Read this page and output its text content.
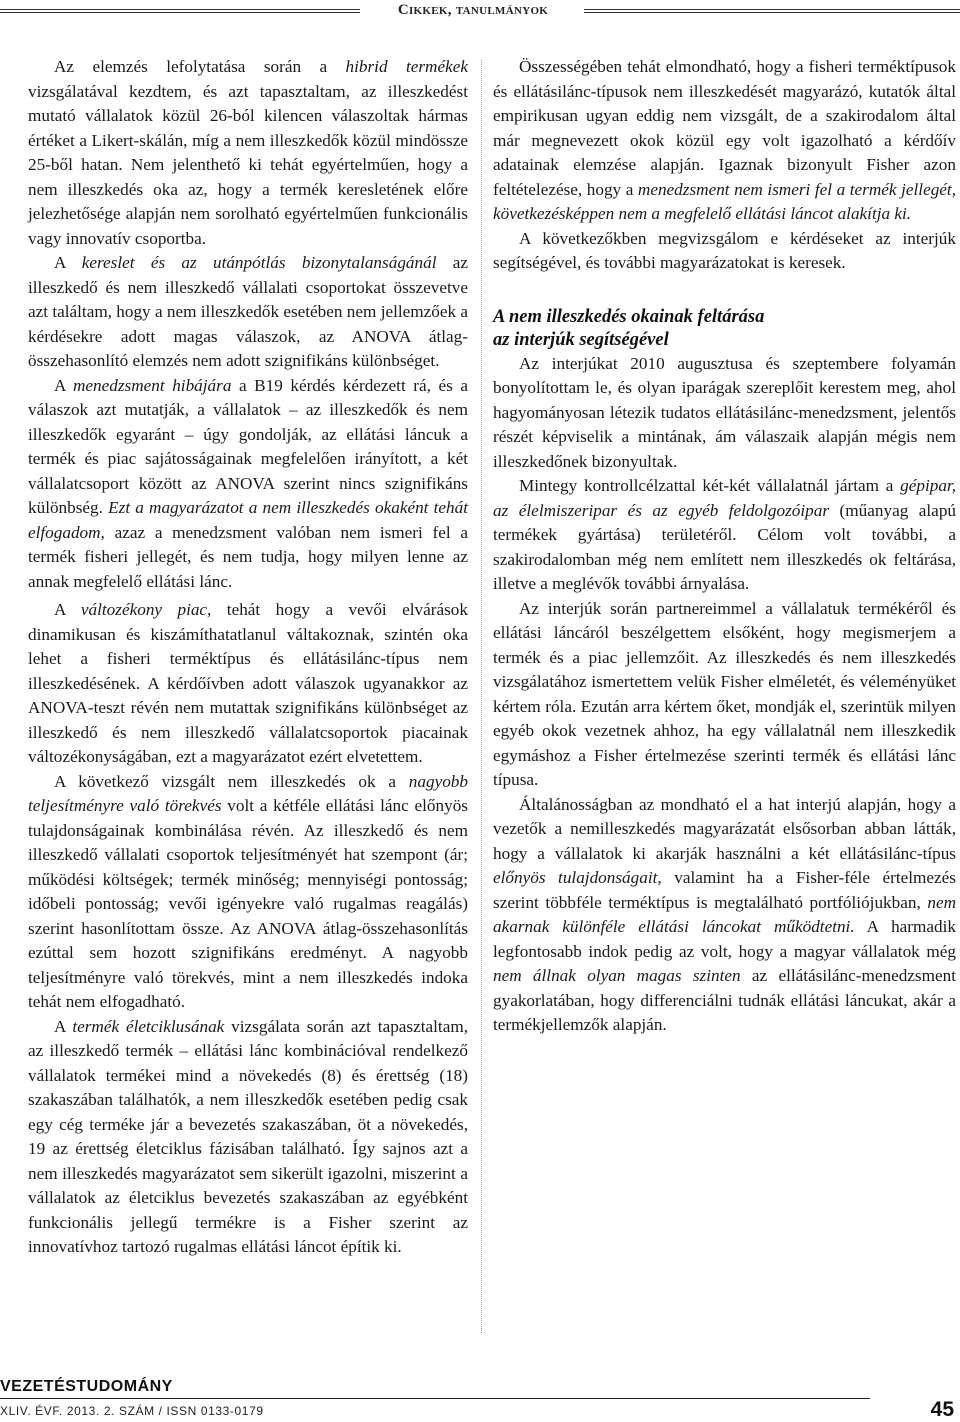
Cikkek, tanulmányok

Az elemzés lefolytatása során a hibrid termékek vizsgálatával kezdtem, és azt tapasztaltam, az illeszkedést mutató vállalatok közül 26-ból kilencen válaszoltak hármas értéket a Likert-skálán, míg a nem illeszkedők közül mindössze 25-ből hatan. Nem jelenthető ki tehát egyértelműen, hogy a nem illeszkedés oka az, hogy a termék keresletének előre jelezhetősége alapján nem sorolható egyértelműen funkcionális vagy innovatív csoportba.

A kereslet és az utánpótlás bizonytalanságánál az illeszkedő és nem illeszkedő vállalati csoportokat összevetve azt találtam, hogy a nem illeszkedők esetében nem jellemzőek a kérdésekre adott magas válaszok, az ANOVA átlag-összehasonlító elemzés nem adott szignifikáns különbséget.

A menedzsment hibájára a B19 kérdés kérdezett rá, és a válaszok azt mutatják, a vállalatok – az illeszkedők és nem illeszkedők egyaránt – úgy gondolják, az ellátási láncuk a termék és piac sajátosságainak megfelelően irányított, a két vállalatcsoport között az ANOVA szerint nincs szignifikáns különbség. Ezt a magyarázatot a nem illeszkedés okaként tehát elfogadom, azaz a menedzsment valóban nem ismeri fel a termék fisheri jellegét, és nem tudja, hogy milyen lenne az annak megfelelő ellátási lánc.

A változékony piac, tehát hogy a vevői elvárások dinamikusan és kiszámíthatatlanul váltakoznak, szintén oka lehet a fisheri terméktípus és ellátásilánc-típus nem illeszkedésének. A kérdőívben adott válaszok ugyanakkor az ANOVA-teszt révén nem mutattak szignifikáns különbséget az illeszkedő és nem illeszkedő vállalatcsoportok piacainak változékonyságában, ezt a magyarázatot ezért elvetettem.

A következő vizsgált nem illeszkedés ok a nagyobb teljesítményre való törekvés volt a kétféle ellátási lánc előnyös tulajdonságainak kombinálása révén. Az illeszkedő és nem illeszkedő vállalati csoportok teljesítményét hat szempont (ár; működési költségek; termék minőség; mennyiségi pontosság; időbeli pontosság; vevői igényekre való rugalmas reagálás) szerint hasonlítottam össze. Az ANOVA átlag-összehasonlítás ezúttal sem hozott szignifikáns eredményt. A nagyobb teljesítményre való törekvés, mint a nem illeszkedés indoka tehát nem elfogadható.

A termék életciklusának vizsgálata során azt tapasztaltam, az illeszkedő termék – ellátási lánc kombinációval rendelkező vállalatok termékei mind a növekedés (8) és érettség (18) szakaszában találhatók, a nem illeszkedők esetében pedig csak egy cég terméke jár a bevezetés szakaszában, öt a növekedés, 19 az érettség életciklus fázisában található. Így sajnos azt a nem illeszkedés magyarázatot sem sikerült igazolni, miszerint a vállalatok az életciklus bevezetés szakaszában az egyébként funkcionális jellegű termékre is a Fisher szerint az innovatívhoz tartozó rugalmas ellátási láncot építik ki.

Összességében tehát elmondható, hogy a fisheri terméktípusok és ellátásilánc-típusok nem illeszkedését magyarázó, kutatók által empirikusan ugyan eddig nem vizsgált, de a szakirodalom által már megnevezett okok közül egy volt igazolható a kérdőív adatainak elemzése alapján. Igaznak bizonyult Fisher azon feltételezése, hogy a menedzsment nem ismeri fel a termék jellegét, következésképpen nem a megfelelő ellátási láncot alakítja ki.

A következőkben megvizsgálom e kérdéseket az interjúk segítségével, és további magyarázatokat is keresek.

A nem illeszkedés okainak feltárása
az interjúk segítségével

Az interjúkat 2010 augusztusa és szeptembere folyamán bonyolítottam le, és olyan iparágak szereplőit kerestem meg, ahol hagyományosan létezik tudatos ellátásilánc-menedzsment, jelentős részét képviselik a mintának, ám válaszaik alapján mégis nem illeszkedőnek bizonyultak.

Mintegy kontrollcélzattal két-két vállalatnál jártam a gépipar, az élelmiszeripar és az egyéb feldolgozóipar (műanyag alapú termékek gyártása) területéről. Célom volt további, a szakirodalomban még nem említett nem illeszkedés ok feltárása, illetve a meglévők további árnyalása.

Az interjúk során partnereimmel a vállalatuk termékéről és ellátási láncáról beszélgettem elsőként, hogy megismerjem a termék és a piac jellemzőit. Az illeszkedés és nem illeszkedés vizsgálatához ismertettem velük Fisher elméletét, és véleményüket kértem róla. Ezután arra kértem őket, mondják el, szerintük milyen egyéb okok vezetnek ahhoz, ha egy vállalatnál nem illeszkedik egymáshoz a Fisher értelmezése szerinti termék és ellátási lánc típusa.

Általánosságban az mondható el a hat interjú alapján, hogy a vezetők a nemilleszkedés magyarázatát elsősorban abban látták, hogy a vállalatok ki akarják használni a két ellátásilánc-típus előnyös tulajdonságait, valamint ha a Fisher-féle értelmezés szerint többféle terméktípus is megtalálható portfóliójukban, nem akarnak különféle ellátási láncokat működtetni. A harmadik legfontosabb indok pedig az volt, hogy a magyar vállalatok még nem állnak olyan magas szinten az ellátásilánc-menedzsment gyakorlatában, hogy differenciálni tudnák ellátási láncukat, akár a termékjellemzők alapján.

VEZETÉSTUDOMÁNY
XLIV. ÉVF. 2013. 2. SZÁM / ISSN 0133-0179	45
